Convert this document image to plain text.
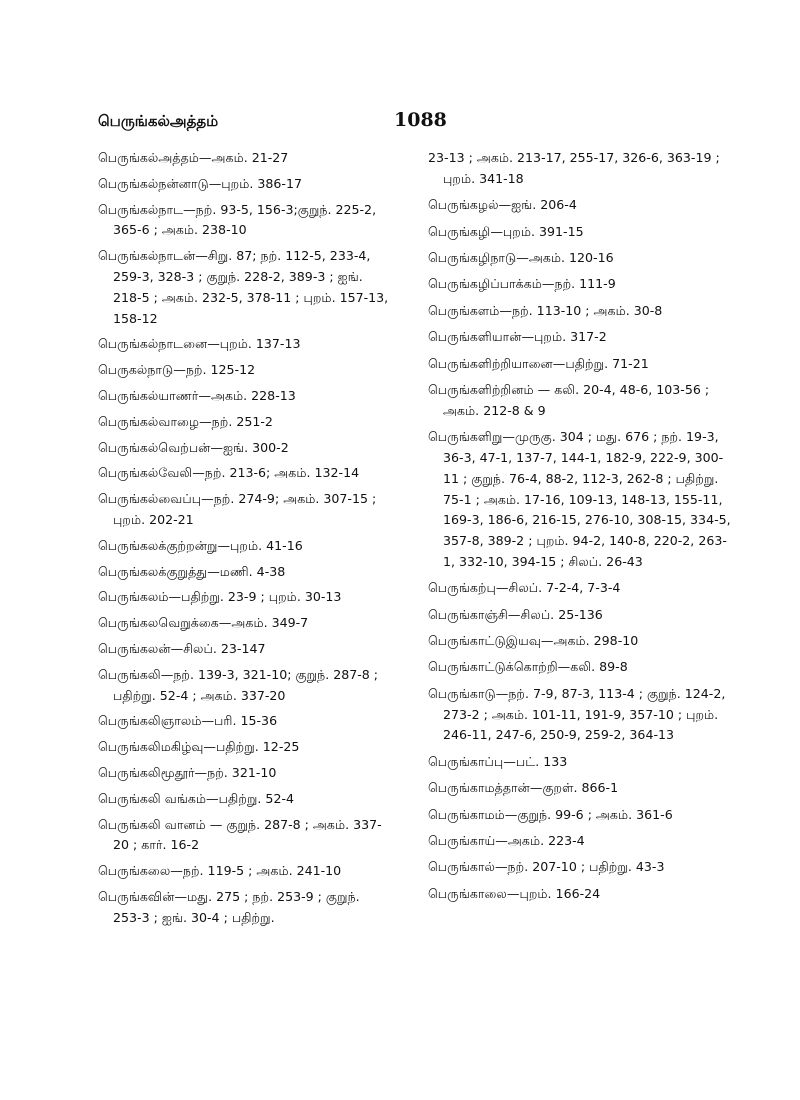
பெருங்கல்அத்தம்	1088
பெருங்கல்அத்தம்—அகம். 21-27
பெருங்கல்நன்னாடு—புறம். 386-17
பெருங்கல்நாட—நற். 93-5, 156-3;குறுந். 225-2, 365-6 ; அகம். 238-10
பெருங்கல்நாடன்—சிறு. 87; நற். 112-5, 233-4, 259-3, 328-3 ; குறுந். 228-2, 389-3 ; ஐங். 218-5 ; அகம். 232-5, 378-11 ; புறம். 157-13, 158-12
பெருங்கல்நாடனை—புறம். 137-13
பெருகல்நாடு—நற். 125-12
பெருங்கல்யாணர்—அகம். 228-13
பெருங்கல்வாழை—நற். 251-2
பெருங்கல்வெற்பன்—ஐங். 300-2
பெருங்கல்வேலி—நற். 213-6; அகம். 132-14
பெருங்கல்வைப்பு—நற். 274-9; அகம். 307-15 ; புறம். 202-21
பெருங்கலக்குற்றன்று—புறம். 41-16
பெருங்கலக்குறுத்து—மணி. 4-38
பெருங்கலம்—பதிற்று. 23-9 ; புறம். 30-13
பெருங்கலவெறுக்கை—அகம். 349-7
பெருங்கலன்—சிலப். 23-147
பெருங்கலி—நற். 139-3, 321-10; குறுந். 287-8 ; பதிற்று. 52-4 ; அகம். 337-20
பெருங்கலிஞாலம்—பரி. 15-36
பெருங்கலிமகிழ்வு—பதிற்று. 12-25
பெருங்கலிமூதூர்—நற். 321-10
பெருங்கலி வங்கம்—பதிற்று. 52-4
பெருங்கலி வானம் — குறுந். 287-8 ; அகம். 337-20 ; கார். 16-2
பெருங்கலை—நற். 119-5 ; அகம். 241-10
பெருங்கவின்—மது. 275 ; நற். 253-9 ; குறுந். 253-3 ; ஐங். 30-4 ; பதிற்று.
23-13 ; அகம். 213-17, 255-17, 326-6, 363-19 ; புறம். 341-18
பெருங்கழல்—ஐங். 206-4
பெருங்கழி—புறம். 391-15
பெருங்கழிநாடு—அகம். 120-16
பெருங்கழிப்பாக்கம்—நற். 111-9
பெருங்களம்—நற். 113-10 ; அகம். 30-8
பெருங்களியான்—புறம். 317-2
பெருங்களிற்றியானை—பதிற்று. 71-21
பெருங்களிற்றினம் — கலி. 20-4, 48-6, 103-56 ; அகம். 212-8 & 9
பெருங்களிறு—முருகு. 304 ; மது. 676 ; நற். 19-3, 36-3, 47-1, 137-7, 144-1, 182-9, 222-9, 300-11 ; குறுந். 76-4, 88-2, 112-3, 262-8 ; பதிற்று. 75-1 ; அகம். 17-16, 109-13, 148-13, 155-11, 169-3, 186-6, 216-15, 276-10, 308-15, 334-5, 357-8, 389-2 ; புறம். 94-2, 140-8, 220-2, 263-1, 332-10, 394-15 ; சிலப். 26-43
பெருங்கற்பு—சிலப். 7-2-4, 7-3-4
பெருங்காஞ்சி—சிலப். 25-136
பெருங்காட்டுஇயவு—அகம். 298-10
பெருங்காட்டுக்கொற்றி—கலி. 89-8
பெருங்காடு—நற். 7-9, 87-3, 113-4 ; குறுந். 124-2, 273-2 ; அகம். 101-11, 191-9, 357-10 ; புறம். 246-11, 247-6, 250-9, 259-2, 364-13
பெருங்காப்பு—பட். 133
பெருங்காமத்தான்—குறள். 866-1
பெருங்காமம்—குறுந். 99-6 ; அகம். 361-6
பெருங்காய்—அகம். 223-4
பெருங்கால்—நற். 207-10 ; பதிற்று. 43-3
பெருங்காலை—புறம். 166-24
